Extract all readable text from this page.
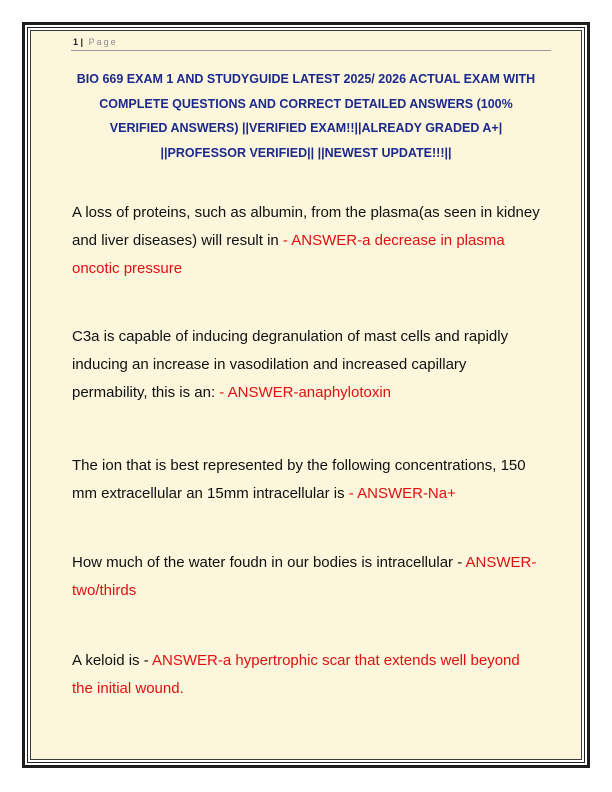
1 | Page
BIO 669 EXAM 1 AND STUDYGUIDE LATEST 2025/ 2026 ACTUAL EXAM WITH COMPLETE QUESTIONS AND CORRECT DETAILED ANSWERS (100% VERIFIED ANSWERS) ||VERIFIED EXAM!!||ALREADY GRADED A+| ||PROFESSOR VERIFIED|| ||NEWEST UPDATE!!!||

A loss of proteins, such as albumin, from the plasma(as seen in kidney and liver diseases) will result in - ANSWER-a decrease in plasma oncotic pressure

C3a is capable of inducing degranulation of mast cells and rapidly inducing an increase in vasodilation and increased capillary permability, this is an: - ANSWER-anaphylotoxin

The ion that is best represented by the following concentrations, 150 mm extracellular an 15mm intracellular is - ANSWER-Na+

How much of the water foudn in our bodies is intracellular - ANSWER-two/thirds

A keloid is - ANSWER-a hypertrophic scar that extends well beyond the initial wound.
